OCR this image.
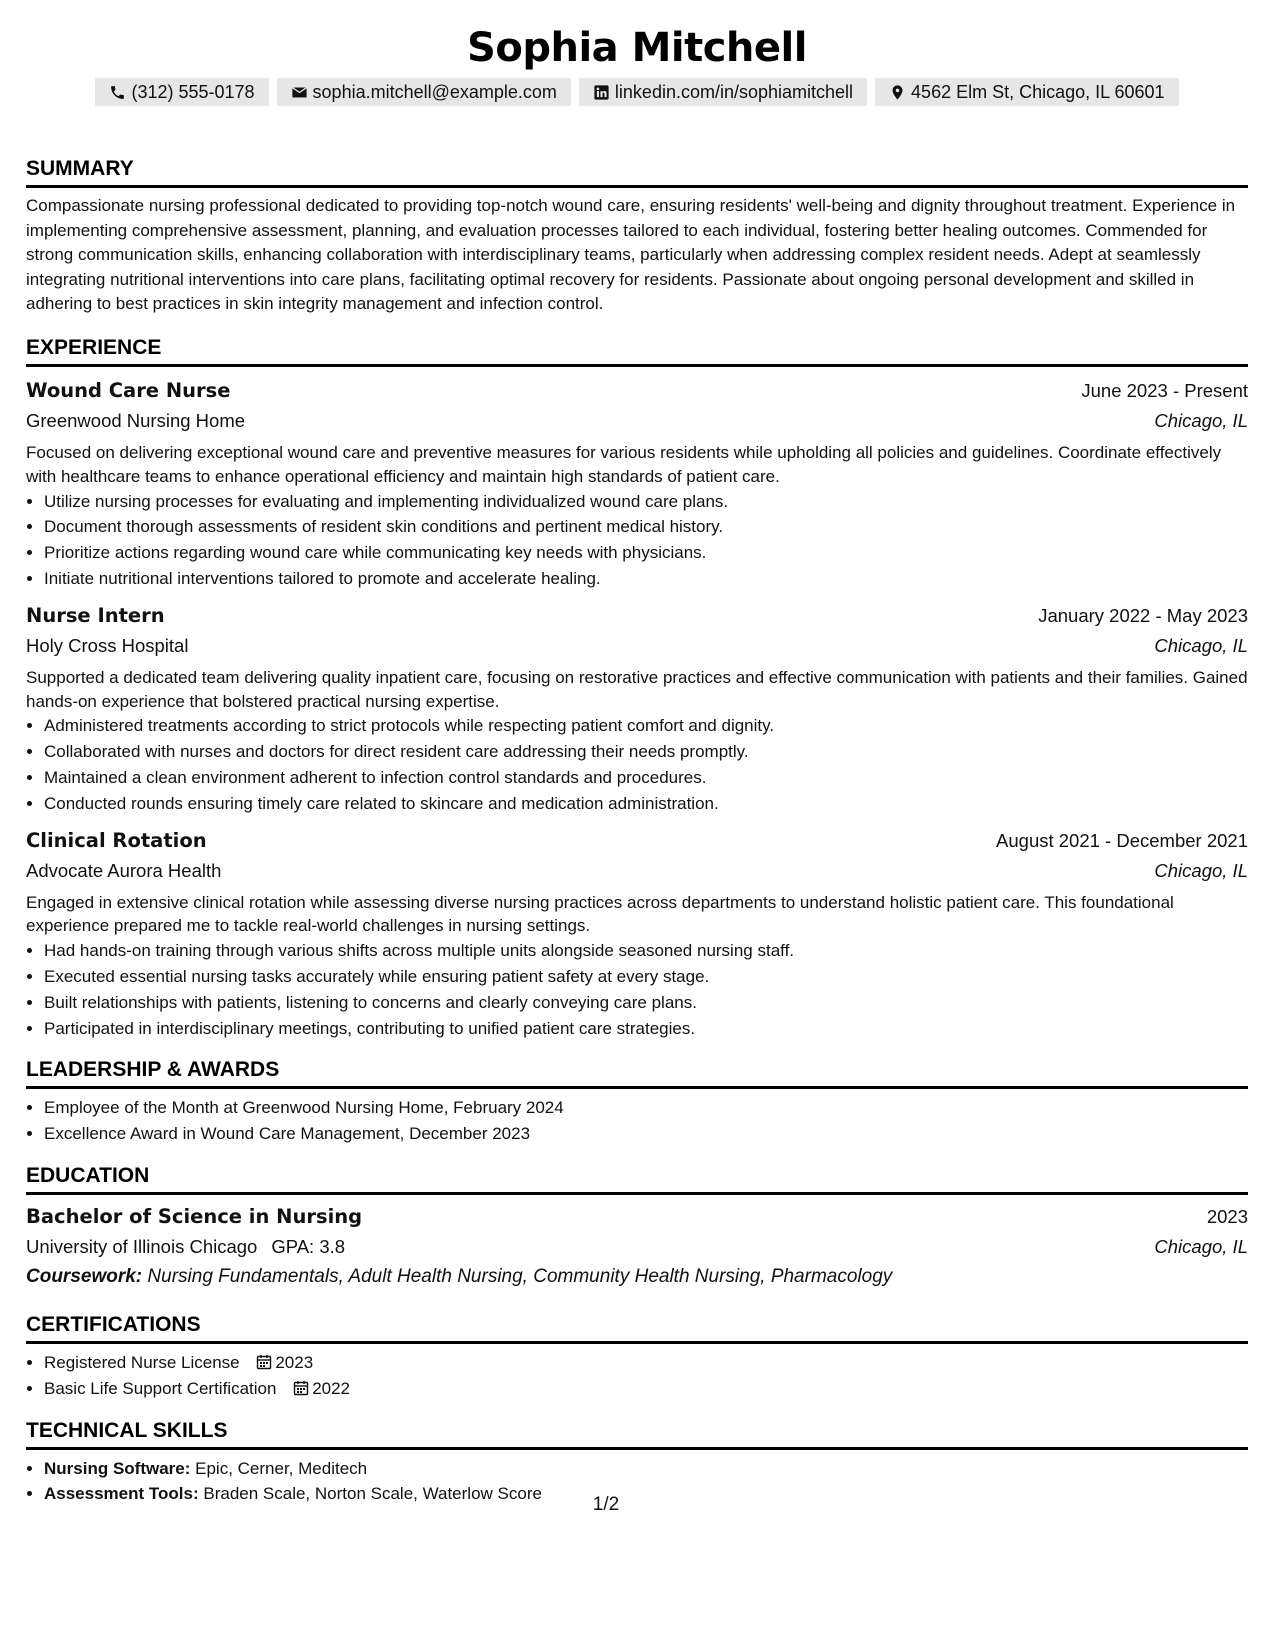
Sophia Mitchell
(312) 555-0178	sophia.mitchell@example.com	linkedin.com/in/sophiamitchell	4562 Elm St, Chicago, IL 60601
SUMMARY

Compassionate nursing professional dedicated to providing top-notch wound care, ensuring residents' well-being and dignity throughout treatment. Experience in implementing comprehensive assessment, planning, and evaluation processes tailored to each individual, fostering better healing outcomes. Commended for strong communication skills, enhancing collaboration with interdisciplinary teams, particularly when addressing complex resident needs. Adept at seamlessly integrating nutritional interventions into care plans, facilitating optimal recovery for residents. Passionate about ongoing personal development and skilled in adhering to best practices in skin integrity management and infection control.

EXPERIENCE
Wound Care Nurse	June 2023 - Present
Greenwood Nursing Home	Chicago, IL
Focused on delivering exceptional wound care and preventive measures for various residents while upholding all policies and guidelines. Coordinate effectively with healthcare teams to enhance operational efficiency and maintain high standards of patient care.
• Utilize nursing processes for evaluating and implementing individualized wound care plans.
• Document thorough assessments of resident skin conditions and pertinent medical history.
• Prioritize actions regarding wound care while communicating key needs with physicians.
• Initiate nutritional interventions tailored to promote and accelerate healing.
Nurse Intern	January 2022 - May 2023
Holy Cross Hospital	Chicago, IL
Supported a dedicated team delivering quality inpatient care, focusing on restorative practices and effective communication with patients and their families. Gained hands-on experience that bolstered practical nursing expertise.
• Administered treatments according to strict protocols while respecting patient comfort and dignity.
• Collaborated with nurses and doctors for direct resident care addressing their needs promptly.
• Maintained a clean environment adherent to infection control standards and procedures.
• Conducted rounds ensuring timely care related to skincare and medication administration.
Clinical Rotation	August 2021 - December 2021
Advocate Aurora Health	Chicago, IL
Engaged in extensive clinical rotation while assessing diverse nursing practices across departments to understand holistic patient care. This foundational experience prepared me to tackle real-world challenges in nursing settings.
• Had hands-on training through various shifts across multiple units alongside seasoned nursing staff.
• Executed essential nursing tasks accurately while ensuring patient safety at every stage.
• Built relationships with patients, listening to concerns and clearly conveying care plans.
• Participated in interdisciplinary meetings, contributing to unified patient care strategies.
LEADERSHIP & AWARDS
• Employee of the Month at Greenwood Nursing Home, February 2024
• Excellence Award in Wound Care Management, December 2023
EDUCATION
Bachelor of Science in Nursing	2023
University of Illinois Chicago GPA: 3.8	Chicago, IL
Coursework: Nursing Fundamentals, Adult Health Nursing, Community Health Nursing, Pharmacology
CERTIFICATIONS
• Registered Nurse License 2023
• Basic Life Support Certification 2022
TECHNICAL SKILLS
• Nursing Software: Epic, Cerner, Meditech
• Assessment Tools: Braden Scale, Norton Scale, Waterlow Score
1/2
